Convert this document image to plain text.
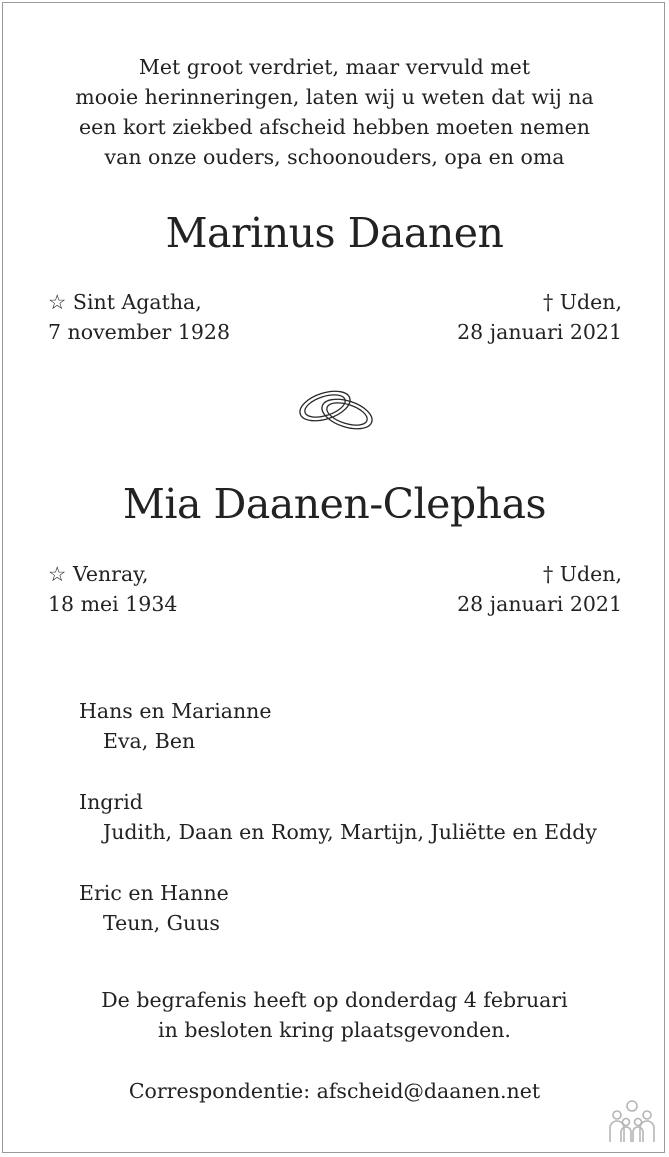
Met groot verdriet, maar vervuld met
mooie herinneringen, laten wij u weten dat wij na
een kort ziekbed afscheid hebben moeten nemen
van onze ouders, schoonouders, opa en oma
Marinus Daanen
☆ Sint Agatha,
7 november 1928
† Uden,
28 januari 2021
Mia Daanen-Clephas
☆ Venray,
18 mei 1934
† Uden,
28 januari 2021
Hans en Marianne
Eva, Ben
Ingrid
Judith, Daan en Romy, Martijn, Juliëtte en Eddy
Eric en Hanne
Teun, Guus
De begrafenis heeft op donderdag 4 februari
in besloten kring plaatsgevonden.
Correspondentie: afscheid@daanen.net
